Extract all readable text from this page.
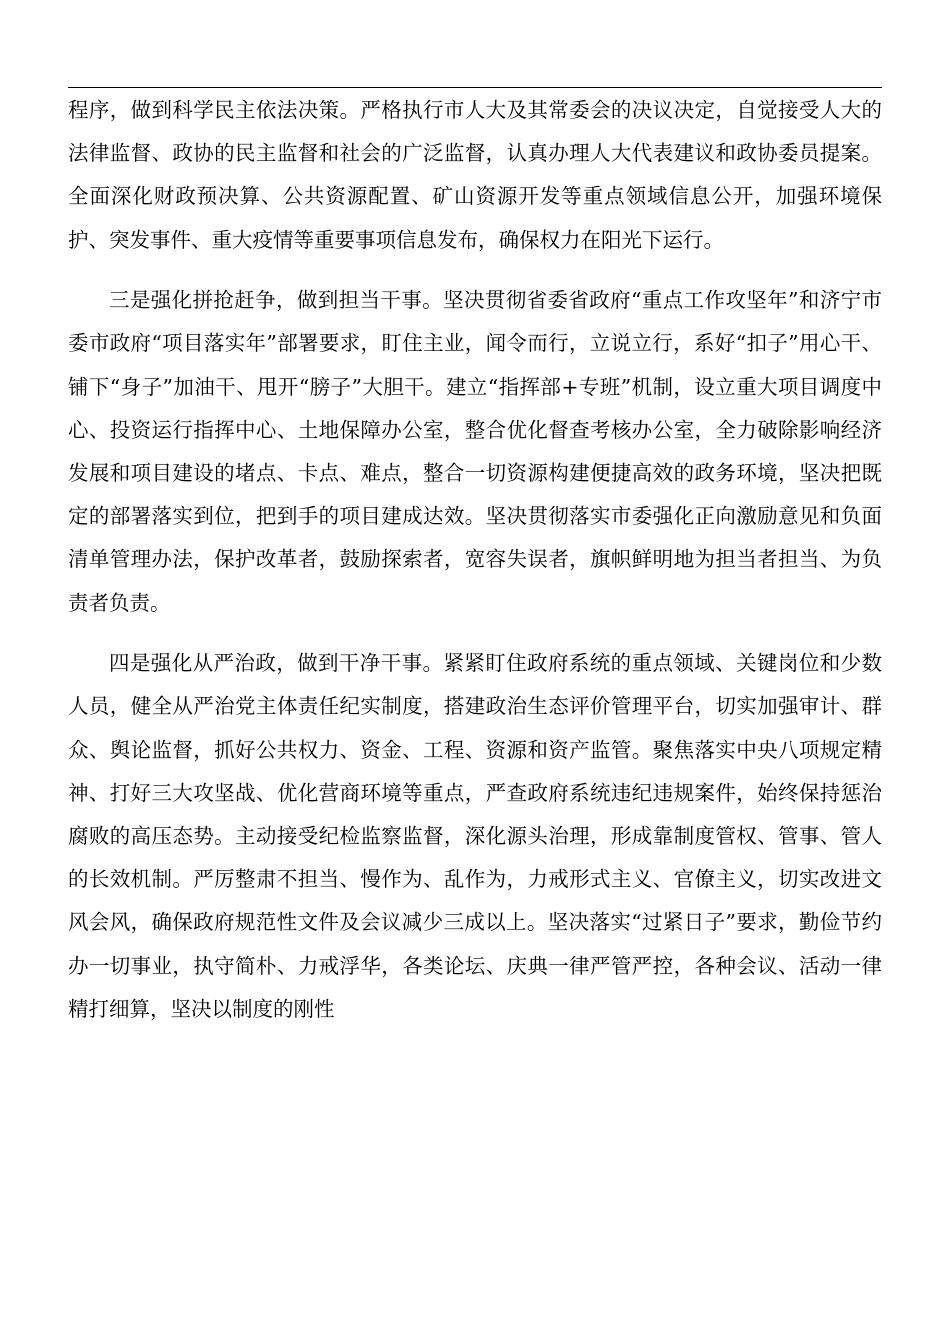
程序，做到科学民主依法决策。严格执行市人大及其常委会的决议决定，自觉接受人大的法律监督、政协的民主监督和社会的广泛监督，认真办理人大代表建议和政协委员提案。全面深化财政预决算、公共资源配置、矿山资源开发等重点领域信息公开，加强环境保护、突发事件、重大疫情等重要事项信息发布，确保权力在阳光下运行。

三是强化拼抢赶争，做到担当干事。坚决贯彻省委省政府“重点工作攻坚年”和济宁市委市政府“项目落实年”部署要求，盯住主业，闻令而行，立说立行，系好“扣子”用心干、铺下“身子”加油干、甩开“膀子”大胆干。建立“指挥部+专班”机制，设立重大项目调度中心、投资运行指挥中心、土地保障办公室，整合优化督查考核办公室，全力破除影响经济发展和项目建设的堵点、卡点、难点，整合一切资源构建便捷高效的政务环境，坚决把既定的部署落实到位，把到手的项目建成达效。坚决贯彻落实市委强化正向激励意见和负面清单管理办法，保护改革者，鼓励探索者，宽容失误者，旗帜鲜明地为担当者担当、为负责者负责。

四是强化从严治政，做到干净干事。紧紧盯住政府系统的重点领域、关键岗位和少数人员，健全从严治党主体责任纪实制度，搭建政治生态评价管理平台，切实加强审计、群众、舆论监督，抓好公共权力、资金、工程、资源和资产监管。聚焦落实中央八项规定精神、打好三大攻坚战、优化营商环境等重点，严查政府系统违纪违规案件，始终保持惩治腐败的高压态势。主动接受纪检监察监督，深化源头治理，形成靠制度管权、管事、管人的长效机制。严厉整肃不担当、慢作为、乱作为，力戒形式主义、官僚主义，切实改进文风会风，确保政府规范性文件及会议减少三成以上。坚决落实“过紧日子”要求，勤俭节约办一切事业，执守简朴、力戒浮华，各类论坛、庆典一律严管严控，各种会议、活动一律精打细算，坚决以制度的刚性
